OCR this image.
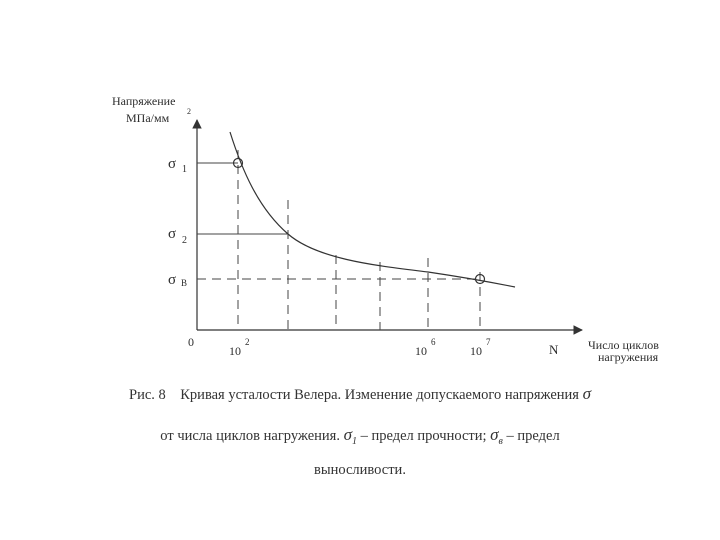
Напряжение
МПа/мм 2
σ 1
σ 2
σ B
0
10
2
10
6
10
7	N Число циклов
нагружения
Рис. 8    Кривая усталости Велера. Изменение допускаемого напряжения σ
от числа циклов нагружения. $\sigma_1$ – предел прочности; $\sigma_в$ – предел
выносливости.
